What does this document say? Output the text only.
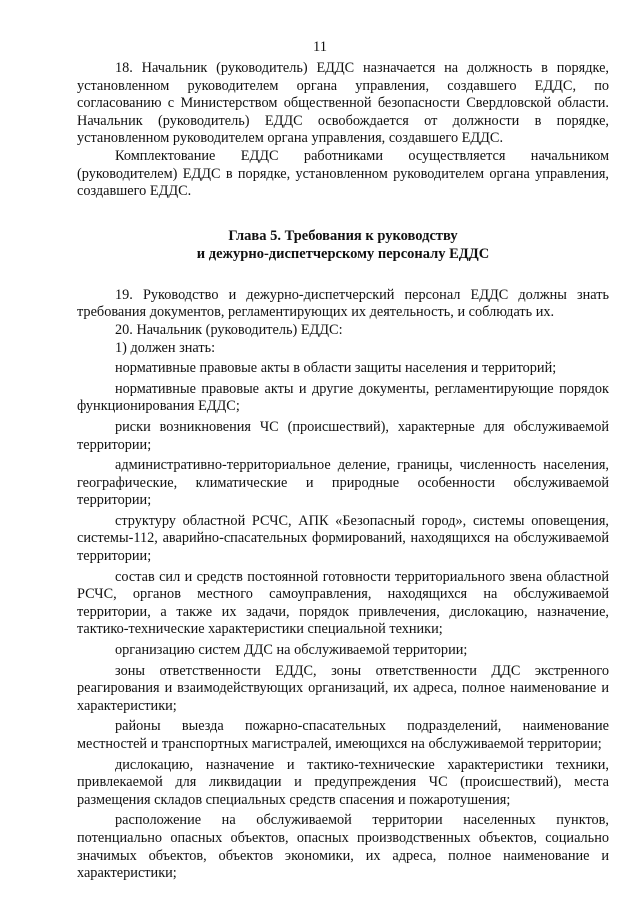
11

18. Начальник (руководитель) ЕДДС назначается на должность в порядке, установленном руководителем органа управления, создавшего ЕДДС, по согласованию с Министерством общественной безопасности Свердловской области. Начальник (руководитель) ЕДДС освобождается от должности в порядке, установленном руководителем органа управления, создавшего ЕДДС.

Комплектование ЕДДС работниками осуществляется начальником (руководителем) ЕДДС в порядке, установленном руководителем органа управления, создавшего ЕДДС.

Глава 5. Требования к руководству
и дежурно-диспетчерскому персоналу ЕДДС

19. Руководство и дежурно-диспетчерский персонал ЕДДС должны знать требования документов, регламентирующих их деятельность, и соблюдать их.

20. Начальник (руководитель) ЕДДС:

1) должен знать:

нормативные правовые акты в области защиты населения и территорий;

нормативные правовые акты и другие документы, регламентирующие порядок функционирования ЕДДС;

риски возникновения ЧС (происшествий), характерные для обслуживаемой территории;

административно-территориальное деление, границы, численность населения, географические, климатические и природные особенности обслуживаемой территории;

структуру областной РСЧС, АПК «Безопасный город», системы оповещения, системы-112, аварийно-спасательных формирований, находящихся на обслуживаемой территории;

состав сил и средств постоянной готовности территориального звена областной РСЧС, органов местного самоуправления, находящихся на обслуживаемой территории, а также их задачи, порядок привлечения, дислокацию, назначение, тактико-технические характеристики специальной техники;

организацию систем ДДС на обслуживаемой территории;

зоны ответственности ЕДДС, зоны ответственности ДДС экстренного реагирования и взаимодействующих организаций, их адреса, полное наименование и характеристики;

районы выезда пожарно-спасательных подразделений, наименование местностей и транспортных магистралей, имеющихся на обслуживаемой территории;

дислокацию, назначение и тактико-технические характеристики техники, привлекаемой для ликвидации и предупреждения ЧС (происшествий), места размещения складов специальных средств спасения и пожаротушения;

расположение на обслуживаемой территории населенных пунктов, потенциально опасных объектов, опасных производственных объектов, социально значимых объектов, объектов экономики, их адреса, полное наименование и характеристики;
